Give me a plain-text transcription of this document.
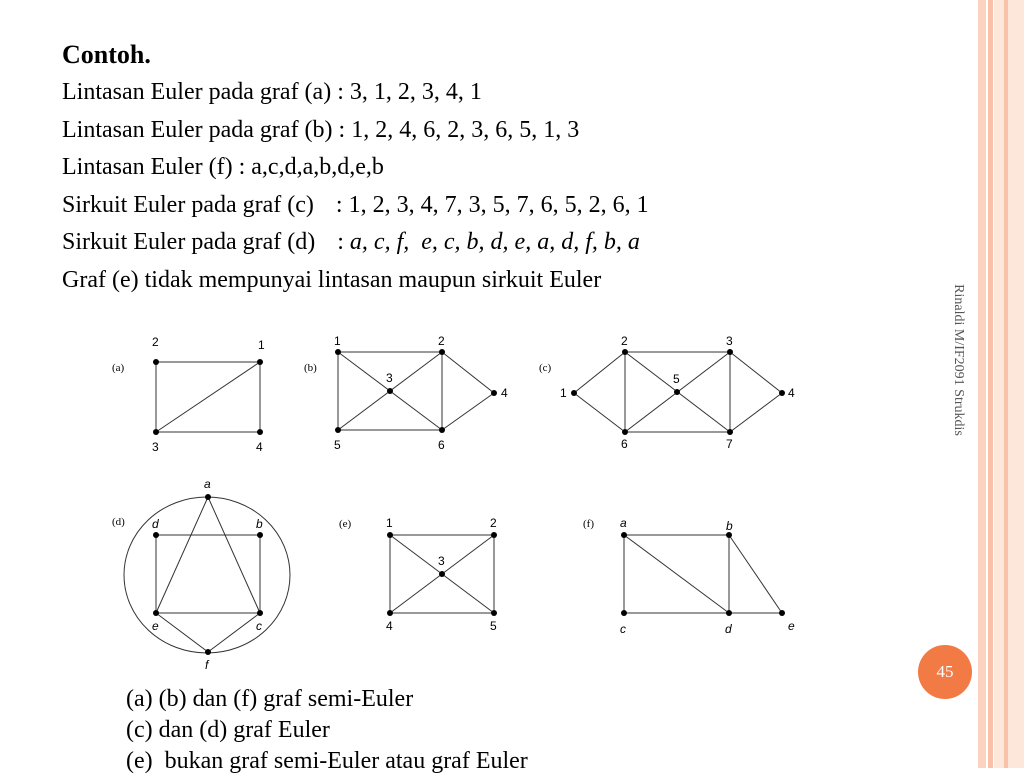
Contoh.
Lintasan Euler pada graf (a) : 3, 1, 2, 3, 4, 1
Lintasan Euler pada graf (b) : 1, 2, 4, 6, 2, 3, 6, 5, 1, 3
Lintasan Euler (f) : a,c,d,a,b,d,e,b
Sirkuit Euler pada graf (c) : 1, 2, 3, 4, 7, 3, 5, 7, 6, 5, 2, 6, 1
Sirkuit Euler pada graf (d) : a, c, f,  e, c, b, d, e, a, d, f, b, a
Graf (e) tidak mempunyai lintasan maupun sirkuit Euler
(a)	(b)	(c)
(d)	(e)	(f)
2	1
3	4
1	2
3
4
5	6
2	3
5
1	4
6	7
a
d	b
e	c
f
1	2
3
4	5
a	b
c	d	e
Rinaldi M/IF2091 Strukdis
45
(a) (b) dan (f) graf semi-Euler
(c) dan (d) graf Euler
(e)  bukan graf semi-Euler atau graf Euler
